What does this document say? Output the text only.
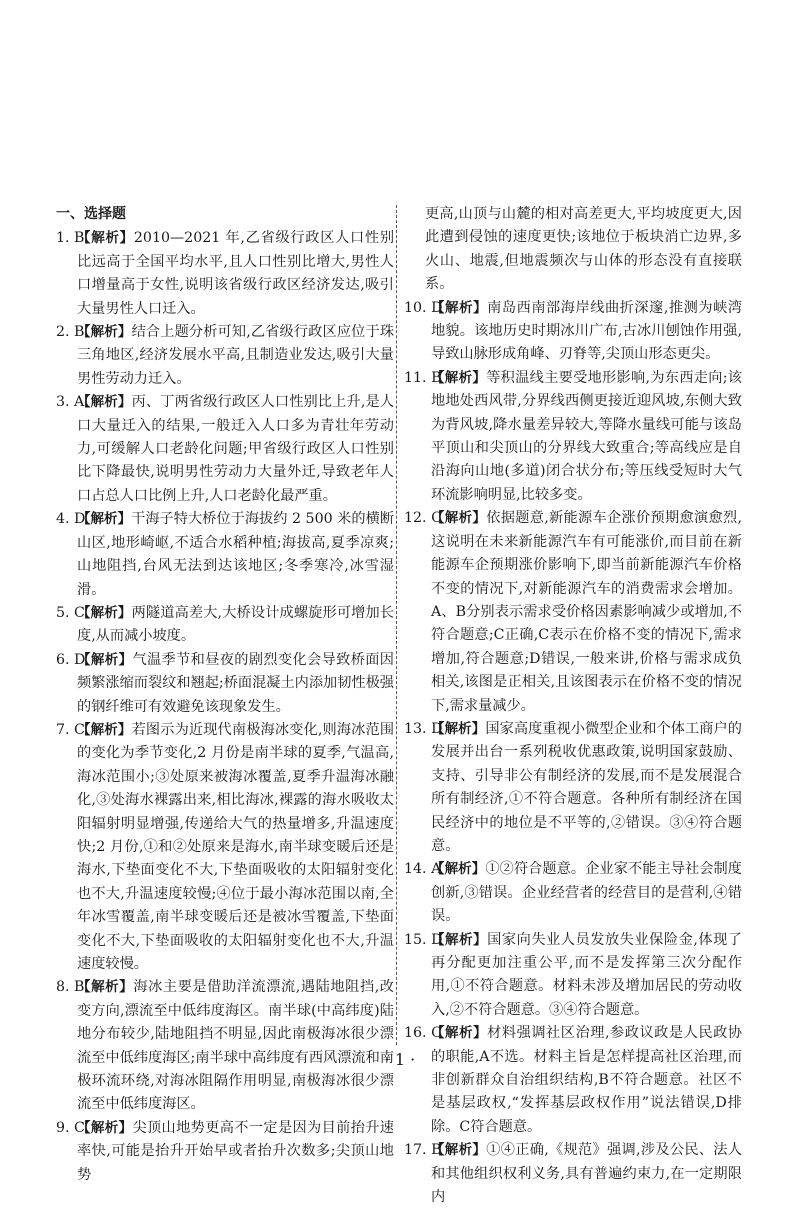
一、选择题

1. B
【解析】2010—2021 年,乙省级行政区人口性别比远高于全国平均水平,且人口性别比增大,男性人口增量高于女性,说明该省级行政区经济发达,吸引大量男性人口迁入。

2. B
【解析】结合上题分析可知,乙省级行政区应位于珠三角地区,经济发展水平高,且制造业发达,吸引大量男性劳动力迁入。

3. A
【解析】丙、丁两省级行政区人口性别比上升,是人口大量迁入的结果,一般迁入人口多为青壮年劳动力,可缓解人口老龄化问题;甲省级行政区人口性别比下降最快,说明男性劳动力大量外迁,导致老年人口占总人口比例上升,人口老龄化最严重。

4. D
【解析】干海子特大桥位于海拔约 2 500 米的横断山区,地形崎岖,不适合水稻种植;海拔高,夏季凉爽;山地阻挡,台风无法到达该地区;冬季寒冷,冰雪湿滑。

5. C
【解析】两隧道高差大,大桥设计成螺旋形可增加长度,从而减小坡度。

6. D
【解析】气温季节和昼夜的剧烈变化会导致桥面因频繁涨缩而裂纹和翘起;桥面混凝土内添加韧性极强的钢纤维可有效避免该现象发生。

7. C
【解析】若图示为近现代南极海冰变化,则海冰范围的变化为季节变化,2 月份是南半球的夏季,气温高,海冰范围小;③处原来被海冰覆盖,夏季升温海冰融化,③处海水裸露出来,相比海冰,裸露的海水吸收太阳辐射明显增强,传递给大气的热量增多,升温速度快;2 月份,①和②处原来是海水,南半球变暖后还是海水,下垫面变化不大,下垫面吸收的太阳辐射变化也不大,升温速度较慢;④位于最小海冰范围以南,全年冰雪覆盖,南半球变暖后还是被冰雪覆盖,下垫面变化不大,下垫面吸收的太阳辐射变化也不大,升温速度较慢。

8. B
【解析】海冰主要是借助洋流漂流,遇陆地阻挡,改变方向,漂流至中低纬度海区。南半球(中高纬度)陆地分布较少,陆地阻挡不明显,因此南极海冰很少漂流至中低纬度海区;南半球中高纬度有西风漂流和南极环流环绕,对海冰阻隔作用明显,南极海冰很少漂流至中低纬度海区。

9. C
【解析】尖顶山地势更高不一定是因为目前抬升速率快,可能是抬升开始早或者抬升次数多;尖顶山地势

更高,山顶与山麓的相对高差更大,平均坡度更大,因此遭到侵蚀的速度更快;该地位于板块消亡边界,多火山、地震,但地震频次与山体的形态没有直接联系。

10. D
【解析】南岛西南部海岸线曲折深邃,推测为峡湾地貌。该地历史时期冰川广布,古冰川刨蚀作用强,导致山脉形成角峰、刃脊等,尖顶山形态更尖。

11. B
【解析】等积温线主要受地形影响,为东西走向;该地地处西风带,分界线西侧更接近迎风坡,东侧大致为背风坡,降水量差异较大,等降水量线可能与该岛平顶山和尖顶山的分界线大致重合;等高线应是自沿海向山地(多道)闭合状分布;等压线受短时大气环流影响明显,比较多变。

12. C
【解析】依据题意,新能源车企涨价预期愈演愈烈,这说明在未来新能源汽车有可能涨价,而目前在新能源车企预期涨价影响下,即当前新能源汽车价格不变的情况下,对新能源汽车的消费需求会增加。A、B分别表示需求受价格因素影响减少或增加,不符合题意;C正确,C表示在价格不变的情况下,需求增加,符合题意;D错误,一般来讲,价格与需求成负相关,该图是正相关,且该图表示在价格不变的情况下,需求量减少。

13. D
【解析】国家高度重视小微型企业和个体工商户的发展并出台一系列税收优惠政策,说明国家鼓励、支持、引导非公有制经济的发展,而不是发展混合所有制经济,①不符合题意。各种所有制经济在国民经济中的地位是不平等的,②错误。③④符合题意。

14. A
【解析】①②符合题意。企业家不能主导社会制度创新,③错误。企业经营者的经营目的是营利,④错误。

15. D
【解析】国家向失业人员发放失业保险金,体现了再分配更加注重公平,而不是发挥第三次分配作用,①不符合题意。材料未涉及增加居民的劳动收入,②不符合题意。③④符合题意。

16. C
【解析】材料强调社区治理,参政议政是人民政协的职能,A不选。材料主旨是怎样提高社区治理,而非创新群众自治组织结构,B不符合题意。社区不是基层政权,“发挥基层政权作用”说法错误,D排除。C符合题意。

17. B
【解析】①④正确,《规范》强调,涉及公民、法人和其他组织权利义务,具有普遍约束力,在一定期限内

· 1 ·
